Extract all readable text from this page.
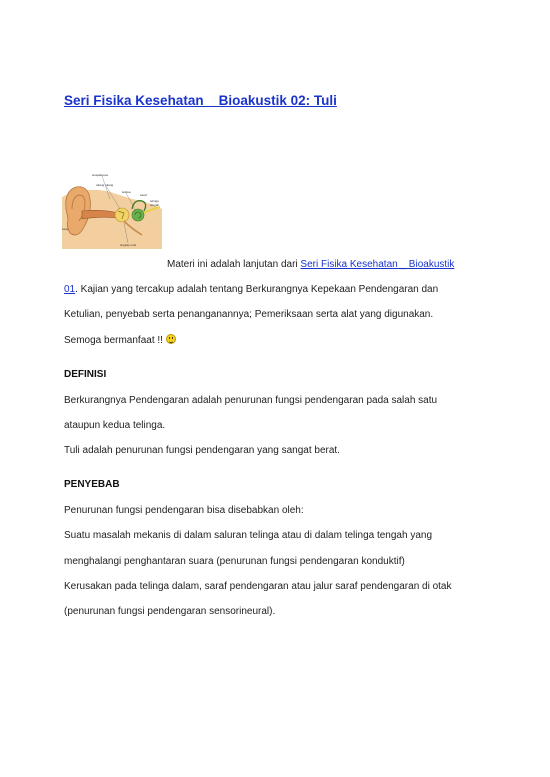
Seri Fisika Kesehatan _ Bioakustik 02: Tuli
anapalloose
tulang tulang
koklea
saraf
telinga
tengah
liang
tingkap oval

Materi ini adalah lanjutan dari Seri Fisika Kesehatan _ Bioakustik

01. Kajian yang tercakup adalah tentang Berkurangnya Kepekaan Pendengaran dan

Ketulian, penyebab serta penanganannya; Pemeriksaan serta alat yang digunakan.

Semoga bermanfaat !!

DEFINISI

Berkurangnya Pendengaran adalah penurunan fungsi pendengaran pada salah satu

ataupun kedua telinga.

Tuli adalah penurunan fungsi pendengaran yang sangat berat.

PENYEBAB

Penurunan fungsi pendengaran bisa disebabkan oleh:

Suatu masalah mekanis di dalam saluran telinga atau di dalam telinga tengah yang

menghalangi penghantaran suara (penurunan fungsi pendengaran konduktif)

Kerusakan pada telinga dalam, saraf pendengaran atau jalur saraf pendengaran di otak

(penurunan fungsi pendengaran sensorineural).
